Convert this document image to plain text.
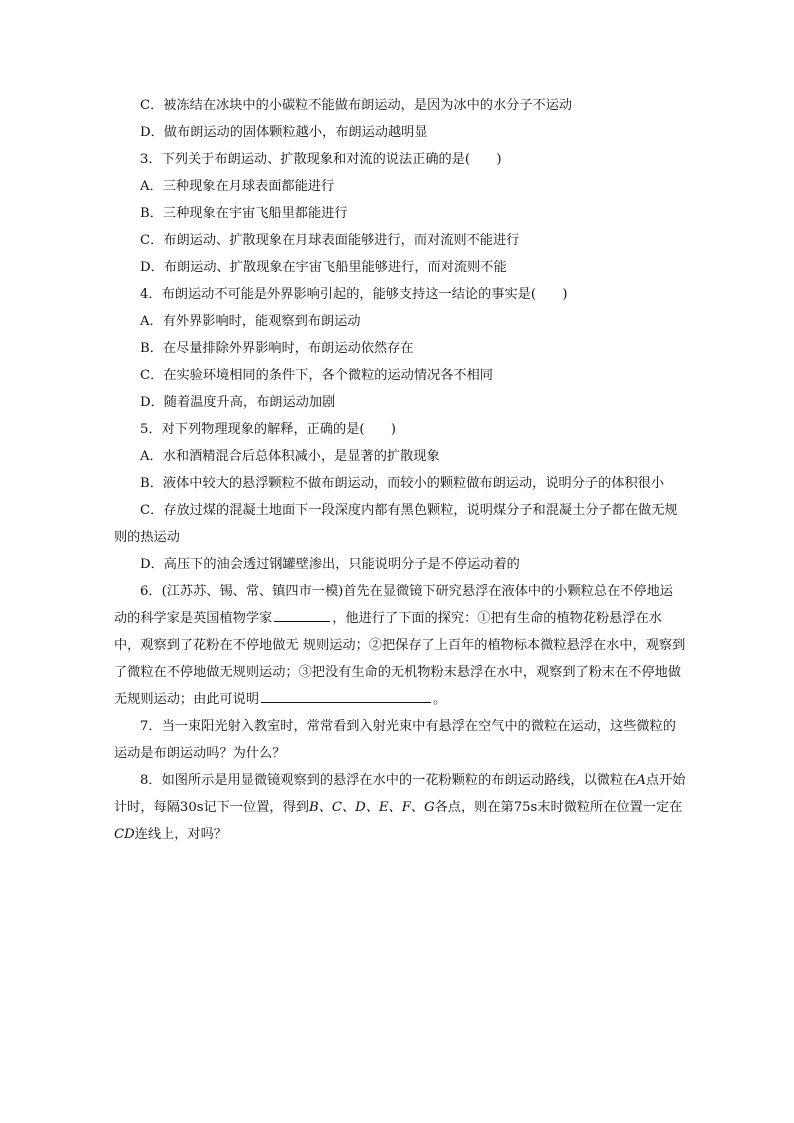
C．被冻结在冰块中的小碳粒不能做布朗运动，是因为冰中的水分子不运动
D．做布朗运动的固体颗粒越小，布朗运动越明显
3．下列关于布朗运动、扩散现象和对流的说法正确的是(　　)
A．三种现象在月球表面都能进行
B．三种现象在宇宙飞船里都能进行
C．布朗运动、扩散现象在月球表面能够进行，而对流则不能进行
D．布朗运动、扩散现象在宇宙飞船里能够进行，而对流则不能
4．布朗运动不可能是外界影响引起的，能够支持这一结论的事实是(　　)
A．有外界影响时，能观察到布朗运动
B．在尽量排除外界影响时，布朗运动依然存在
C．在实验环境相同的条件下，各个微粒的运动情况各不相同
D．随着温度升高，布朗运动加剧
5．对下列物理现象的解释，正确的是(　　)
A．水和酒精混合后总体积减小，是显著的扩散现象
B．液体中较大的悬浮颗粒不做布朗运动，而较小的颗粒做布朗运动，说明分子的体积很小
C．存放过煤的混凝土地面下一段深度内都有黑色颗粒，说明煤分子和混凝土分子都在做无规则的热运动
D．高压下的油会透过钢罐壁渗出，只能说明分子是不停运动着的
6．(江苏苏、锡、常、镇四市一模)首先在显微镜下研究悬浮在液体中的小颗粒总在不停地运动的科学家是英国植物学家	，他进行了下面的探究：①把有生命的植物花粉悬浮在水中，观察到了花粉在不停地做无 规则运动；②把保存了上百年的植物标本微粒悬浮在水中，观察到了微粒在不停地做无规则运动；③把没有生命的无机物粉末悬浮在水中，观察到了粉末在不停地做无规则运动；由此可说明	。
7．当一束阳光射入教室时，常常看到入射光束中有悬浮在空气中的微粒在运动，这些微粒的运动是布朗运动吗？为什么？
8．如图所示是用显微镜观察到的悬浮在水中的一花粉颗粒的布朗运动路线，以微粒在A点开始计时，每隔30s记下一位置，得到B、C、D、E、F、G各点，则在第75s末时微粒所在位置一定在CD连线上，对吗？
